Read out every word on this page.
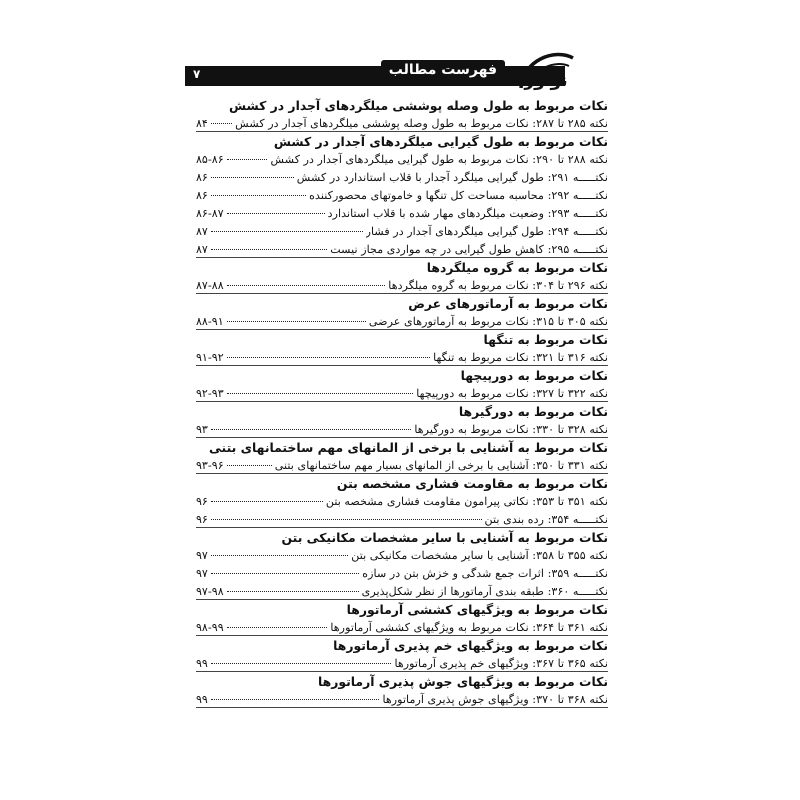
۷	فهرست مطالب
نوآور
نکات مربوط به طول وصله پوششی میلگردهای آجدار در کشش
نکته ۲۸۵ تا ۲۸۷: نکات مربوط به طول وصله پوششی میلگردهای آجدار در کشش
۸۴
نکات مربوط به طول گیرایی میلگردهای آجدار در کشش
نکته ۲۸۸ تا ۲۹۰: نکات مربوط به طول گیرایی میلگردهای آجدار در کشش
۸۵-۸۶
نکتـــــه ۲۹۱: طول گیرایی میلگرد آجدار با قلاب استاندارد در کشش
۸۶
نکتـــــه ۲۹۲: محاسبه مساحت کل تنگها و خاموتهای محصورکننده
۸۶
نکتـــــه ۲۹۳: وضعیت میلگردهای مهار شده با قلاب استاندارد
۸۶-۸۷
نکتـــــه ۲۹۴: طول گیرایی میلگردهای آجدار در فشار
۸۷
نکتـــــه ۲۹۵: کاهش طول گیرایی در چه مواردی مجاز نیست
۸۷
نکات مربوط به گروه میلگردها
نکته ۲۹۶ تا ۳۰۴: نکات مربوط به گروه میلگردها
۸۷-۸۸
نکات مربوط به آرماتورهای عرض
نکته ۳۰۵ تا ۳۱۵: نکات مربوط به آرماتورهای عرضی
۸۸-۹۱
نکات مربوط به تنگها
نکته ۳۱۶ تا ۳۲۱: نکات مربوط به تنگها
۹۱-۹۲
نکات مربوط به دورپیچها
نکته ۳۲۲ تا ۳۲۷: نکات مربوط به دورپیچها
۹۲-۹۳
نکات مربوط به دورگیرها
نکته ۳۲۸ تا ۳۳۰: نکات مربوط به دورگیرها
۹۳
نکات مربوط به آشنایی با برخی از المانهای مهم ساختمانهای بتنی
نکته ۳۳۱ تا ۳۵۰: آشنایی با برخی از المانهای بسیار مهم ساختمانهای بتنی
۹۳-۹۶
نکات مربوط به مقاومت فشاری مشخصه بتن
نکته ۳۵۱ تا ۳۵۳: نکاتی پیرامون مقاومت فشاری مشخصه بتن
۹۶
نکتـــــه ۳۵۴: رده بندی بتن
۹۶
نکات مربوط به آشنایی با سایر مشخصات مکانیکی بتن
نکته ۳۵۵ تا ۳۵۸: آشنایی با سایر مشخصات مکانیکی بتن
۹۷
نکتـــــه ۳۵۹: اثرات جمع شدگی و خزش بتن در سازه
۹۷
نکتـــــه ۳۶۰: طبقه بندی آرماتورها از نظر شکل‌پذیری
۹۷-۹۸
نکات مربوط به ویژگیهای کششی آرماتورها
نکته ۳۶۱ تا ۳۶۴: نکات مربوط به ویژگیهای کششی آرماتورها
۹۸-۹۹
نکات مربوط به ویژگیهای خم پذیری آرماتورها
نکته ۳۶۵ تا ۳۶۷: ویژگیهای خم پذیری آرماتورها
۹۹
نکات مربوط به ویژگیهای جوش پذیری آرماتورها
نکته ۳۶۸ تا ۳۷۰: ویژگیهای جوش پذیری آرماتورها
۹۹
